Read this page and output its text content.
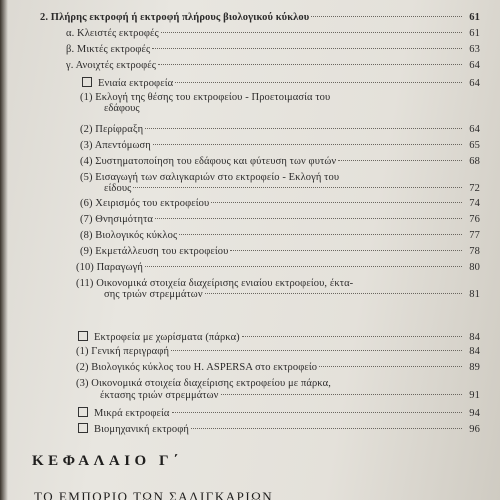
2. Πλήρης εκτροφή ή εκτροφή πλήρους βιολογικού κύκλου	61
α. Κλειστές εκτροφές	61
β. Μικτές εκτροφές	63
γ. Ανοιχτές εκτροφές	64
Ενιαία εκτροφεία	64
(1) Εκλογή της θέσης του εκτροφείου - Προετοιμασία του
εδάφους
(2) Περίφραξη	64
(3) Απεντόμωση	65
(4) Συστηματοποίηση του εδάφους και φύτευση των φυτών	68
(5) Εισαγωγή των σαλιγκαριών στο εκτροφείο - Εκλογή του
είδους	72
(6) Χειρισμός του εκτροφείου	74
(7) Θνησιμότητα	76
(8) Βιολογικός κύκλος	77
(9) Εκμετάλλευση του εκτροφείου	78
(10) Παραγωγή	80
(11) Οικονομικά στοιχεία διαχείρισης ενιαίου εκτροφείου, έκτα-
σης τριών στρεμμάτων	81
Εκτροφεία με χωρίσματα (πάρκα)	84
(1) Γενική περιγραφή	84
(2) Βιολογικός κύκλος του H. ASPERSA στο εκτροφείο	89
(3) Οικονομικά στοιχεία διαχείρισης εκτροφείου με πάρκα,
έκτασης τριών στρεμμάτων	91
Μικρά εκτροφεία	94
Βιομηχανική εκτροφή	96
ΚΕΦΑΛΑΙΟ Γ΄
ΤΟ ΕΜΠΟΡΙΟ ΤΩΝ ΣΑΛΙΓΚΑΡΙΩΝ
